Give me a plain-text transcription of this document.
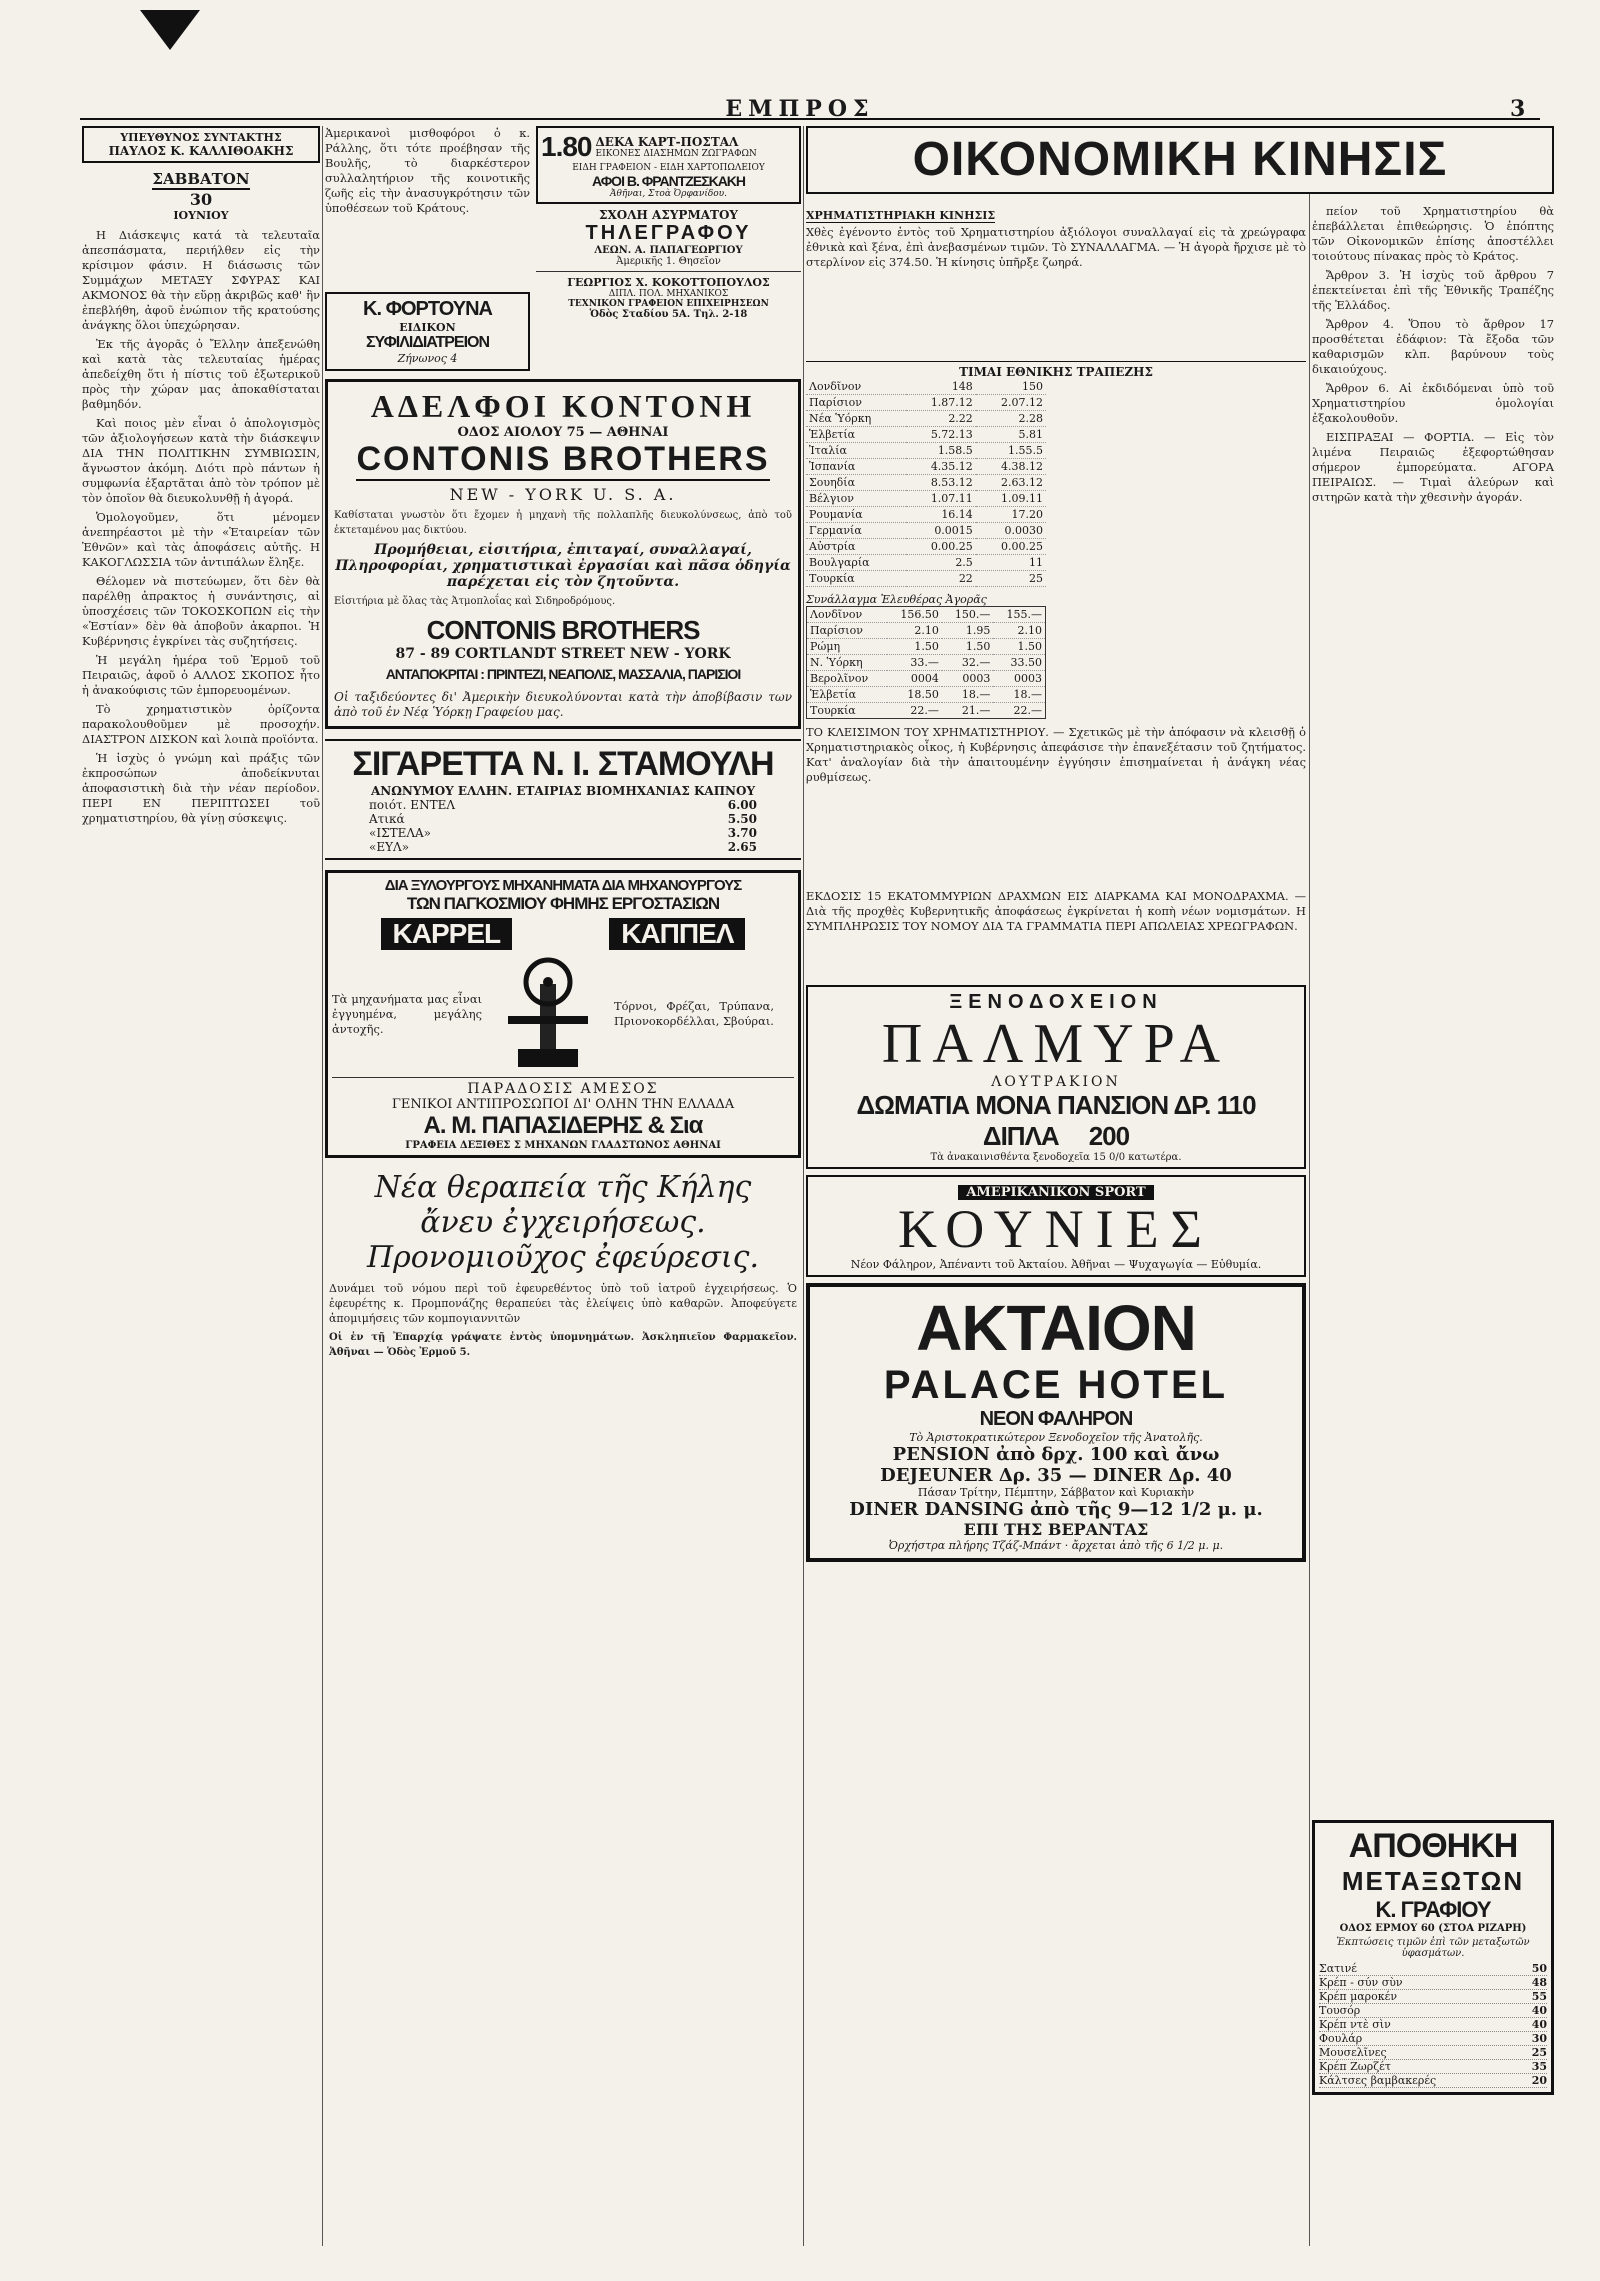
ΕΜΠΡΟΣ	3
ΥΠΕΥΘΥΝΟΣ ΣΥΝΤΑΚΤΗΣ
ΠΑΥΛΟΣ Κ. ΚΑΛΛΙΘΟΑΚΗΣ
ΣΑΒΒΑΤΟΝ
30
ΙΟΥΝΙΟΥ

Η Διάσκεψις κατά τὰ τελευταῖα ἀπεσπάσματα, περιήλθεν εἰς τὴν κρίσιμον φάσιν. Η διάσωσις τῶν Συμμάχων ΜΕΤΑΞΥ ΣΦΥΡΑΣ ΚΑΙ ΑΚΜΟΝΟΣ θὰ τὴν εὕρῃ ἀκριβῶς καθ' ἣν ἐπεβλήθη, ἀφοῦ ἐνώπιον τῆς κρατούσης ἀνάγκης ὅλοι ὑπεχώρησαν.

Ἐκ τῆς ἀγορᾶς ὁ Ἔλλην ἀπεξενώθη καὶ κατὰ τὰς τελευταίας ἡμέρας ἀπεδείχθη ὅτι ἡ πίστις τοῦ ἐξωτερικοῦ πρὸς τὴν χώραν μας ἀποκαθίσταται βαθμηδόν.

Καὶ ποιος μὲν εἶναι ὁ ἀπολογισμὸς τῶν ἀξιολογήσεων κατὰ τὴν διάσκεψιν ΔΙΑ ΤΗΝ ΠΟΛΙΤΙΚΗΝ ΣΥΜΒΙΩΣΙΝ, ἄγνωστον ἀκόμη. Διότι πρὸ πάντων ἡ συμφωνία ἐξαρτᾶται ἀπὸ τὸν τρόπον μὲ τὸν ὁποῖον θὰ διευκολυνθῇ ἡ ἀγορά.

Ὁμολογοῦμεν, ὅτι μένομεν ἀνεπηρέαστοι μὲ τὴν «Ἑταιρείαν τῶν Ἐθνῶν» καὶ τὰς ἀποφάσεις αὐτῆς. Η ΚΑΚΟΓΛΩΣΣΙΑ τῶν ἀντιπάλων ἔληξε.

Θέλομεν νὰ πιστεύωμεν, ὅτι δὲν θὰ παρέλθῃ ἀπρακτος ἡ συνάντησις, αἱ ὑποσχέσεις τῶν ΤΟΚΟΣΚΟΠΩΝ εἰς τὴν «Ἑστίαν» δὲν θὰ ἀποβοῦν ἀκαρποι. Ἡ Κυβέρνησις ἐγκρίνει τὰς συζητήσεις.

Ἡ μεγάλη ἡμέρα τοῦ Ἑρμοῦ τοῦ Πειραιῶς, ἀφοῦ ὁ ΑΛΛΟΣ ΣΚΟΠΟΣ ἦτο ἡ ἀνακούφισις τῶν ἐμπορευομένων.

Τὸ χρηματιστικὸν ὁρίζοντα παρακολουθοῦμεν μὲ προσοχήν. ΔΙΑΣΤΡΟΝ ΔΙΣΚΟΝ καὶ λοιπὰ προϊόντα.

Ἡ ἰσχὺς ὁ γνώμη καὶ πράξις τῶν ἐκπροσώπων ἀποδείκνυται ἀποφασιστικὴ διὰ τὴν νέαν περίοδον. ΠΕΡΙ ΕΝ ΠΕΡΙΠΤΩΣΕΙ τοῦ χρηματιστηρίου, θὰ γίνῃ σύσκεψις.

Ἀμερικανοὶ μισθοφόροι ὁ κ. Ράλλης, ὅτι τότε προέβησαν τῆς Βουλῆς, τὸ διαρκέστερον συλλαλητήριον τῆς κοινοτικῆς ζωῆς εἰς τὴν ἀνασυγκρότησιν τῶν ὑποθέσεων τοῦ Κράτους.
Κ. ΦΟΡΤΟΥΝΑ
ΕΙΔΙΚΟΝ
ΣΥΦΙΛΙΔΙΑΤΡΕΙΟΝ
Ζήνωνος 4
1.80 ΔΕΚΑ ΚΑΡΤ-ΠΟΣΤΑΛ
ΕΙΚΟΝΕΣ ΔΙΑΣΗΜΩΝ ΖΩΓΡΑΦΩΝ
ΕΙΔΗ ΓΡΑΦΕΙΟΝ - ΕΙΔΗ ΧΑΡΤΟΠΩΛΕΙΟΥ
ΑΦΟΙ Β. ΦΡΑΝΤΖΕΣΚΑΚΗ
Ἀθῆναι, Στοὰ Ὀρφανίδου.
ΣΧΟΛΗ ΑΣΥΡΜΑΤΟΥ
ΤΗΛΕΓΡΑΦΟΥ
ΛΕΩΝ. Α. ΠΑΠΑΓΕΩΡΓΙΟΥ
Ἀμερικῆς 1. Θησεῖον
ΓΕΩΡΓΙΟΣ Χ. ΚΟΚΟΤΤΟΠΟΥΛΟΣ
ΔΙΠΛ. ΠΟΛ. ΜΗΧΑΝΙΚΟΣ
ΤΕΧΝΙΚΟΝ ΓΡΑΦΕΙΟΝ ΕΠΙΧΕΙΡΗΣΕΩΝ
Ὁδὸς Σταδίου 5Α. Τηλ. 2-18
ΑΔΕΛΦΟΙ ΚΟΝΤΟΝΗ
ΟΔΟΣ ΑΙΟΛΟΥ 75 — ΑΘΗΝΑΙ
CONTONIS BROTHERS
NEW - YORK U. S. A.
Καθίσταται γνωστὸν ὅτι ἔχομεν ἡ μηχανὴ τῆς πολλαπλῆς διευκολύνσεως, ἀπὸ τοῦ ἐκτεταμένου μας δικτύου.
Προμήθειαι, εἰσιτήρια, ἐπιταγαί, συναλλαγαί, Πληροφορίαι, χρηματιστικαὶ ἐργασίαι καὶ πᾶσα ὁδηγία παρέχεται εἰς τὸν ζητοῦντα.
Εἰσιτήρια μὲ ὅλας τὰς Ἀτμοπλοΐας καὶ Σιδηροδρόμους.
CONTONIS BROTHERS
87 - 89 CORTLANDT STREET NEW - YORK
ΑΝΤΑΠΟΚΡΙΤΑΙ : ΠΡΙΝΤΕΖΙ, ΝΕΑΠΟΛΙΣ, ΜΑΣΣΑΛΙΑ, ΠΑΡΙΣΙΟΙ
Οἱ ταξιδεύοντες δι' Ἀμερικὴν διευκολύνονται κατὰ τὴν ἀποβίβασιν των ἀπὸ τοῦ ἐν Νέᾳ Ὑόρκῃ Γραφείου μας.
ΣΙΓΑΡΕΤΤΑ Ν. Ι. ΣΤΑΜΟΥΛΗ
ΑΝΩΝΥΜΟΥ ΕΛΛΗΝ. ΕΤΑΙΡΙΑΣ ΒΙΟΜΗΧΑΝΙΑΣ ΚΑΠΝΟΥ
ποιότ. ΕΝΤΕΛ	6.00
Ατικά	5.50
«ΙΣΤΕΛΑ»	3.70
«ΕΥΛ»	2.65
ΔΙΑ ΞΥΛΟΥΡΓΟΥΣ ΜΗΧΑΝΗΜΑΤΑ ΔΙΑ ΜΗΧΑΝΟΥΡΓΟΥΣ
ΤΩΝ ΠΑΓΚΟΣΜΙΟΥ ΦΗΜΗΣ ΕΡΓΟΣΤΑΣΙΩΝ
KAPPEL	ΚΑΠΠΕΛ
Τὰ μηχανήματα μας εἶναι ἐγγυημένα, μεγάλης ἀντοχῆς.
Τόρνοι, Φρέζαι, Τρύπανα, Πριονοκορδέλλαι, Σβούραι.
ΠΑΡΑΔΟΣΙΣ ΑΜΕΣΟΣ
ΓΕΝΙΚΟΙ ΑΝΤΙΠΡΟΣΩΠΟΙ ΔΙ' ΟΛΗΝ ΤΗΝ ΕΛΛΑΔΑ
Α. Μ. ΠΑΠΑΣΙΔΕΡΗΣ & Σια
ΓΡΑΦΕΙΑ ΔΕΞΙΘΕΣ Σ ΜΗΧΑΝΩΝ ΓΛΑΔΣΤΩΝΟΣ ΑΘΗΝΑΙ
Νέα θεραπεία τῆς Κήλης
ἄνευ ἐγχειρήσεως.
Προνομιοῦχος ἐφεύρεσις.
Δυνάμει τοῦ νόμου περὶ τοῦ ἐφευρεθέντος ὑπὸ τοῦ ἰατροῦ ἐγχειρήσεως. Ὁ ἐφευρέτης κ. Προμπονάζης θεραπεύει τὰς ἐλείψεις ὑπὸ καθαρῶν. Ἀποφεύγετε ἀπομιμήσεις τῶν κομπογιαννιτῶν
Οἱ ἐν τῇ Ἐπαρχίᾳ γράψατε ἐντὸς ὑπομνημάτων. Ἀσκληπιεῖον Φαρμακεῖον. Ἀθῆναι — Ὁδὸς Ἐρμοῦ 5.
ΟΙΚΟΝΟΜΙΚΗ ΚΙΝΗΣΙΣ
ΧΡΗΜΑΤΙΣΤΗΡΙΑΚΗ ΚΙΝΗΣΙΣ
Χθὲς ἐγένοντο ἐντὸς τοῦ Χρηματιστηρίου ἀξιόλογοι συναλλαγαί εἰς τὰ χρεώγραφα ἐθνικὰ καὶ ξένα, ἐπὶ ἀνεβασμένων τιμῶν. Τὸ ΣΥΝΑΛΛΑΓΜΑ. — Ἡ ἀγορὰ ἤρχισε μὲ τὸ στερλίνον εἰς 374.50. Ἡ κίνησις ὑπῆρξε ζωηρά.
ΤΙΜΑΙ ΕΘΝΙΚΗΣ ΤΡΑΠΕΖΗΣ
Λονδῖνον	148	150
Παρίσιον	1.87.12	2.07.12
Νέα Ὑόρκη	2.22	2.28
Ἑλβετία	5.72.13	5.81
Ἰταλία	1.58.5	1.55.5
Ἰσπανία	4.35.12	4.38.12
Σουηδία	8.53.12	2.63.12
Βέλγιον	1.07.11	1.09.11
Ρουμανία	16.14	17.20
Γερμανία	0.0015	0.0030
Αὐστρία	0.00.25	0.00.25
Βουλγαρία	2.5	11
Τουρκία	22	25
Συνάλλαγμα Ἐλευθέρας Ἀγορᾶς
Λονδῖνον	156.50	150.—	155.—
Παρίσιον	2.10	1.95	2.10
Ρώμη	1.50	1.50	1.50
Ν. Ὑόρκη	33.—	32.—	33.50
Βερολῖνον	0004	0003	0003
Ἑλβετία	18.50	18.—	18.—
Τουρκία	22.—	21.—	22.—
ΤΟ ΚΛΕΙΣΙΜΟΝ ΤΟΥ ΧΡΗΜΑΤΙΣΤΗΡΙΟΥ. — Σχετικῶς μὲ τὴν ἀπόφασιν νὰ κλεισθῇ ὁ Χρηματιστηριακὸς οἶκος, ἡ Κυβέρνησις ἀπεφάσισε τὴν ἐπανεξέτασιν τοῦ ζητήματος. Κατ' ἀναλογίαν διὰ τὴν ἀπαιτουμένην ἐγγύησιν ἐπισημαίνεται ἡ ἀνάγκη νέας ρυθμίσεως.
ΕΚΔΟΣΙΣ 15 ΕΚΑΤΟΜΜΥΡΙΩΝ ΔΡΑΧΜΩΝ ΕΙΣ ΔΙΑΡΚΑΜΑ ΚΑΙ ΜΟΝΟΔΡΑΧΜΑ. — Διὰ τῆς προχθὲς Κυβερνητικῆς ἀποφάσεως ἐγκρίνεται ἡ κοπὴ νέων νομισμάτων. Η ΣΥΜΠΛΗΡΩΣΙΣ ΤΟΥ ΝΟΜΟΥ ΔΙΑ ΤΑ ΓΡΑΜΜΑΤΙΑ ΠΕΡΙ ΑΠΩΛΕΙΑΣ ΧΡΕΩΓΡΑΦΩΝ.
ΞΕΝΟΔΟΧΕΙΟΝ
ΠΑΛΜΥΡΑ
ΛΟΥΤΡΑΚΙΟΝ
ΔΩΜΑΤΙΑ ΜΟΝΑ ΠΑΝΣΙΟΝ ΔΡ. 110
ΔΙΠΛΑ 200
Τὰ ἀνακαινισθέντα ξενοδοχεῖα 15 0/0 κατωτέρα.
ΑΜΕΡΙΚΑΝΙΚΟΝ SPORT
ΚΟΥΝΙΕΣ
Νέον Φάληρον, Ἀπέναντι τοῦ Ἀκταίου. Ἀθῆναι — Ψυχαγωγία — Εὐθυμία.
ΑΚΤΑΙΟΝ
PALACE HOTEL
ΝΕΟΝ ΦΑΛΗΡΟΝ
Τὸ Ἀριστοκρατικώτερον Ξενοδοχεῖον τῆς Ἀνατολῆς.
PENSION ἀπὸ δρχ. 100 καὶ ἄνω
DEJEUNER Δρ. 35 — DINER Δρ. 40
Πάσαν Τρίτην, Πέμπτην, Σάββατον καὶ Κυριακὴν
DINER DANSING ἀπὸ τῆς 9—12 1/2 μ. μ.
ΕΠΙ ΤΗΣ ΒΕΡΑΝΤΑΣ
Ὀρχήστρα πλήρης Τζάζ-Μπάντ · ἄρχεται ἀπὸ τῆς 6 1/2 μ. μ.

πείον τοῦ Χρηματιστηρίου θὰ ἐπεβάλλεται ἐπιθεώρησις. Ὁ ἐπόπτης τῶν Οἰκονομικῶν ἐπίσης ἀποστέλλει τοιούτους πίνακας πρὸς τὸ Κράτος.

Ἄρθρον 3. Ἡ ἰσχὺς τοῦ ἄρθρου 7 ἐπεκτείνεται ἐπὶ τῆς Ἐθνικῆς Τραπέζης τῆς Ἑλλάδος.

Ἄρθρον 4. Ὅπου τὸ ἄρθρον 17 προσθέτεται ἐδάφιον: Τὰ ἔξοδα τῶν καθαρισμῶν κλπ. βαρύνουν τοὺς δικαιούχους.

Ἄρθρον 6. Αἱ ἐκδιδόμεναι ὑπὸ τοῦ Χρηματιστηρίου ὁμολογίαι ἐξακολουθοῦν.

ΕΙΣΠΡΑΞΑΙ — ΦΟΡΤΙΑ. — Εἰς τὸν λιμένα Πειραιῶς ἐξεφορτώθησαν σήμερον ἐμπορεύματα. ΑΓΟΡΑ ΠΕΙΡΑΙΩΣ. — Τιμαὶ ἀλεύρων καὶ σιτηρῶν κατὰ τὴν χθεσινὴν ἀγοράν.

ΑΠΟΘΗΚΗ
ΜΕΤΑΞΩΤΩΝ
Κ. ΓΡΑΦΙΟΥ
ΟΔΟΣ ΕΡΜΟΥ 60 (ΣΤΟΑ ΡΙΖΑΡΗ)
Ἐκπτώσεις τιμῶν ἐπὶ τῶν μεταξωτῶν ὑφασμάτων.
Σατινέ	50
Κρέπ - σύν σὺν	48
Κρέπ μαροκέν	55
Τουσόρ	40
Κρέπ ντὲ σὶν	40
Φουλάρ	30
Μουσελῖνες	25
Κρέπ Ζωρζέτ	35
Κάλτσες βαμβακερές	20
